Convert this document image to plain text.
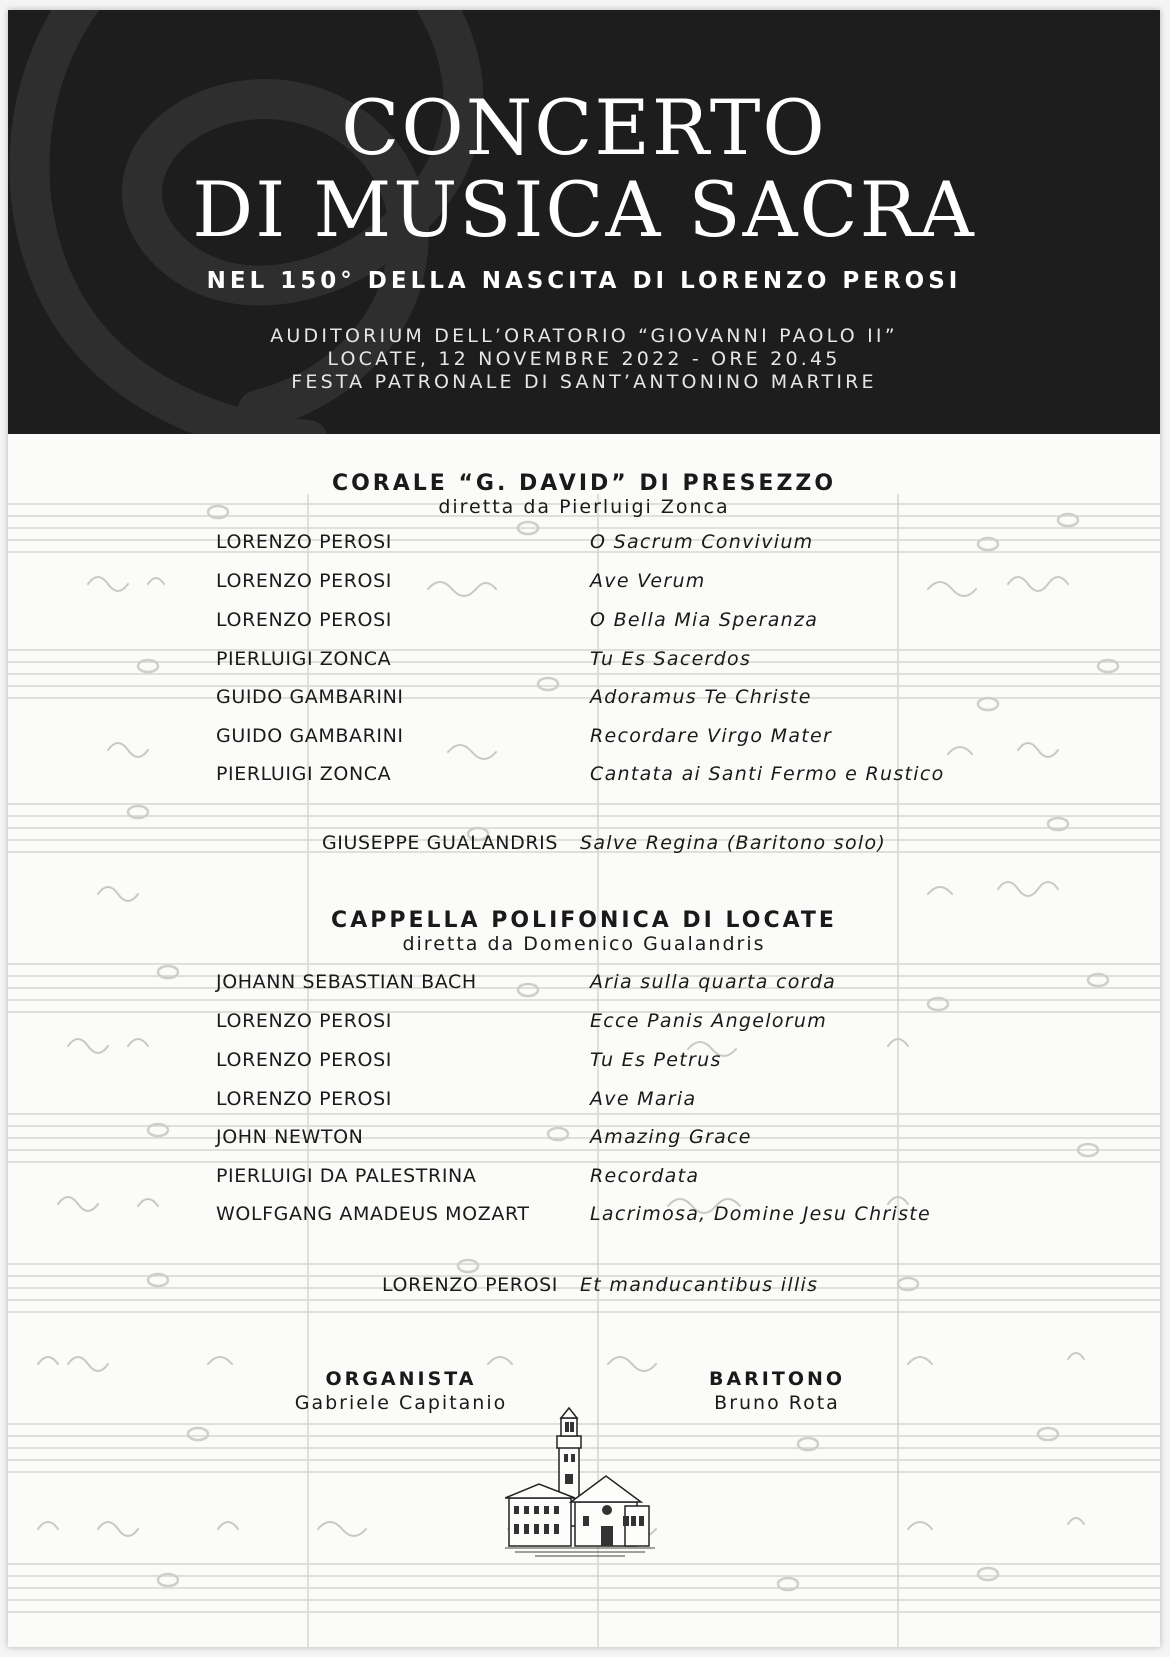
CONCERTO
DI MUSICA SACRA
NEL 150° DELLA NASCITA DI LORENZO PEROSI
AUDITORIUM DELL’ORATORIO “GIOVANNI PAOLO II”
LOCATE, 12 NOVEMBRE 2022 - ORE 20.45
FESTA PATRONALE DI SANT’ANTONINO MARTIRE
CORALE “G. DAVID” DI PRESEZZO
diretta da Pierluigi Zonca
LORENZO PEROSI	O Sacrum Convivium
LORENZO PEROSI	Ave Verum
LORENZO PEROSI	O Bella Mia Speranza
PIERLUIGI ZONCA	Tu Es Sacerdos
GUIDO GAMBARINI	Adoramus Te Christe
GUIDO GAMBARINI	Recordare Virgo Mater
PIERLUIGI ZONCA	Cantata ai Santi Fermo e Rustico
GIUSEPPE GUALANDRIS Salve Regina (Baritono solo)
CAPPELLA POLIFONICA DI LOCATE
diretta da Domenico Gualandris
JOHANN SEBASTIAN BACH	Aria sulla quarta corda
LORENZO PEROSI	Ecce Panis Angelorum
LORENZO PEROSI	Tu Es Petrus
LORENZO PEROSI	Ave Maria
JOHN NEWTON	Amazing Grace
PIERLUIGI DA PALESTRINA	Recordata
WOLFGANG AMADEUS MOZART	Lacrimosa, Domine Jesu Christe
LORENZO PEROSI Et manducantibus illis
ORGANISTA
Gabriele Capitanio
BARITONO
Bruno Rota
